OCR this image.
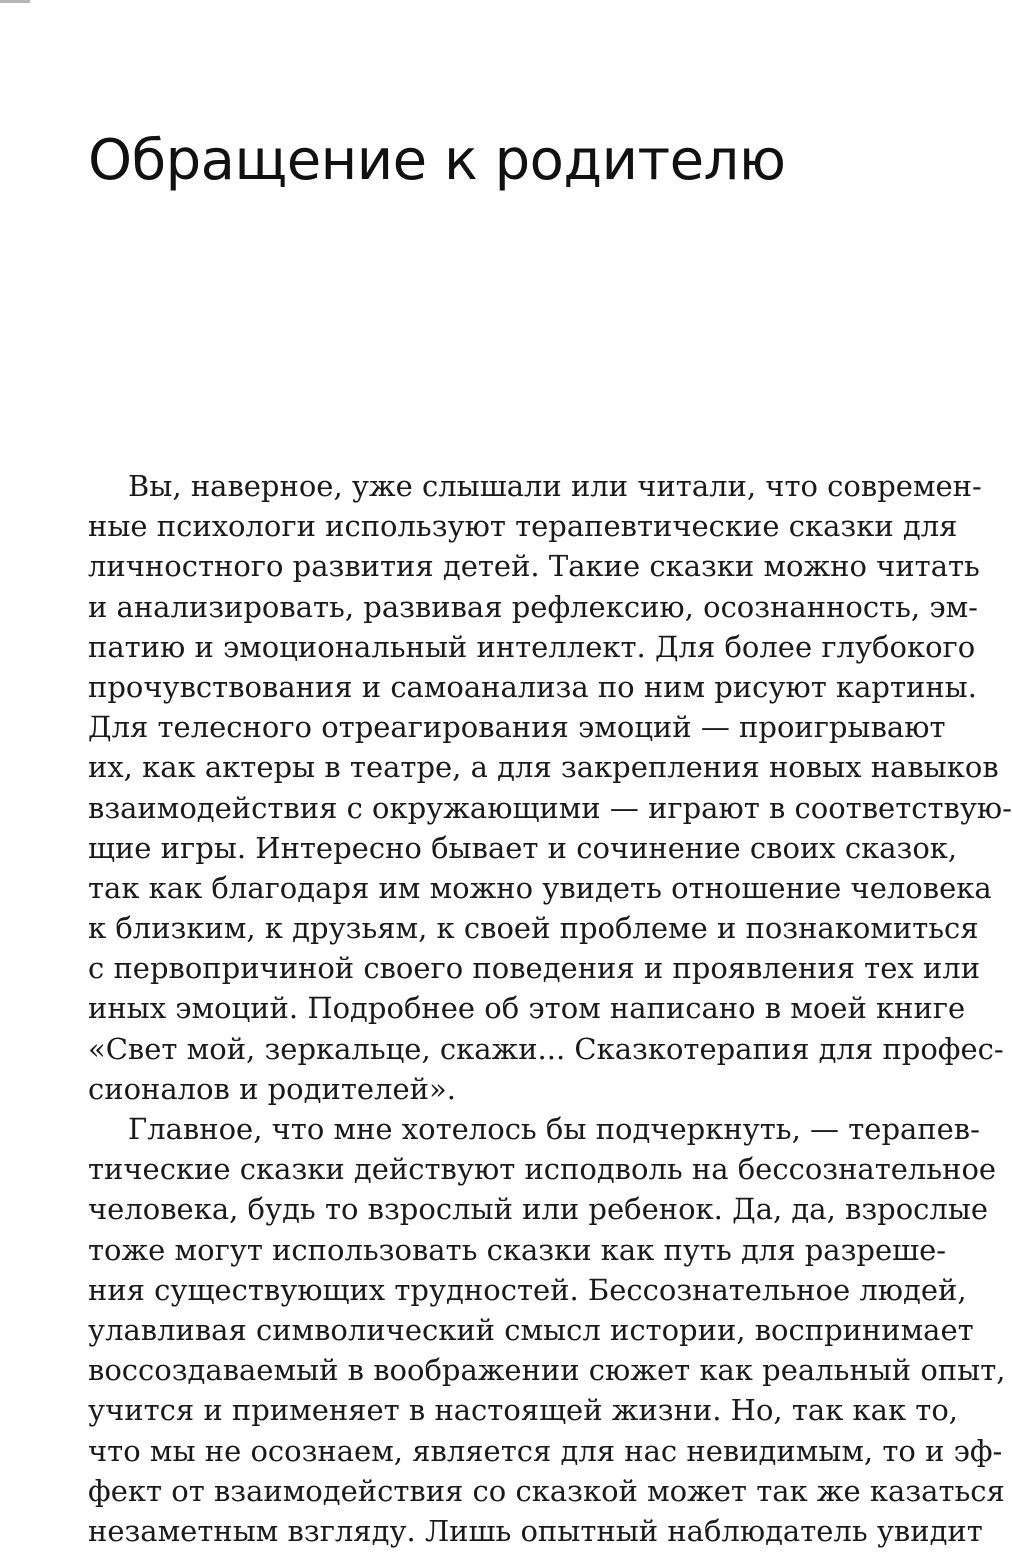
Обращение к родителю
Вы, наверное, уже слышали или читали, что современ-
ные психологи используют терапевтические сказки для
личностного развития детей. Такие сказки можно читать
и анализировать, развивая рефлексию, осознанность, эм-
патию и эмоциональный интеллект. Для более глубокого
прочувствования и самоанализа по ним рисуют картины.
Для телесного отреагирования эмоций — проигрывают
их, как актеры в театре, а для закрепления новых навыков
взаимодействия с окружающими — играют в соответствую-
щие игры. Интересно бывает и сочинение своих сказок,
так как благодаря им можно увидеть отношение человека
к близким, к друзьям, к своей проблеме и познакомиться
с первопричиной своего поведения и проявления тех или
иных эмоций. Подробнее об этом написано в моей книге
«Свет мой, зеркальце, скажи... Сказкотерапия для профес-
сионалов и родителей».
Главное, что мне хотелось бы подчеркнуть, — терапев-
тические сказки действуют исподволь на бессознательное
человека, будь то взрослый или ребенок. Да, да, взрослые
тоже могут использовать сказки как путь для разреше-
ния существующих трудностей. Бессознательное людей,
улавливая символический смысл истории, воспринимает
воссоздаваемый в воображении сюжет как реальный опыт,
учится и применяет в настоящей жизни. Но, так как то,
что мы не осознаем, является для нас невидимым, то и эф-
фект от взаимодействия со сказкой может так же казаться
незаметным взгляду. Лишь опытный наблюдатель увидит
